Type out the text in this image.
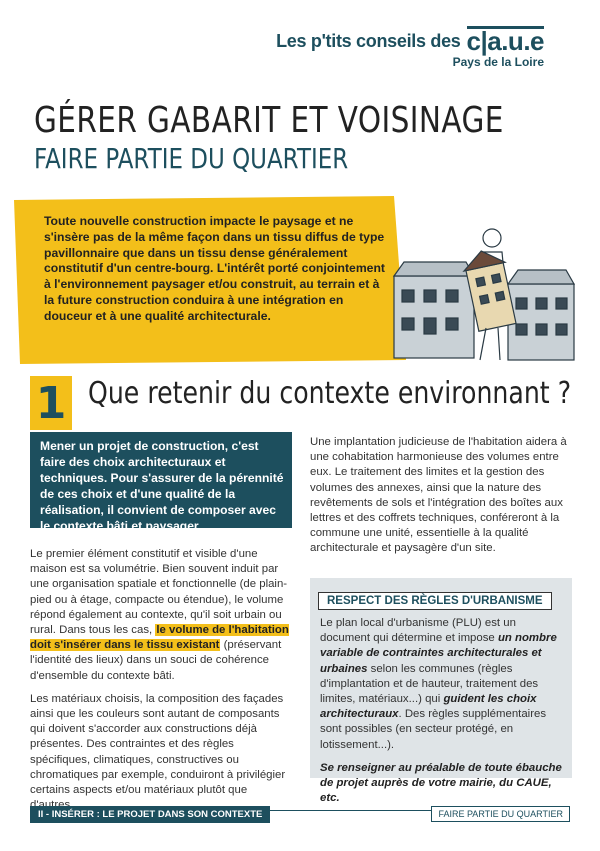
Les p'tits conseils des c|a.u.e
Pays de la Loire
GÉRER GABARIT ET VOISINAGE
FAIRE PARTIE DU QUARTIER
Toute nouvelle construction impacte le paysage et ne s'insère pas de la même façon dans un tissu diffus de type pavillonnaire que dans un tissu dense généralement constitutif d'un centre-bourg. L'intérêt porté conjointement à l'environnement paysager et/ou construit, au terrain et à la future construction conduira à une intégration en douceur et à une qualité architecturale.
1 Que retenir du contexte environnant ?
Mener un projet de construction, c'est faire des choix architecturaux et techniques. Pour s'assurer de la pérennité de ces choix et d'une qualité de la réalisation, il convient de composer avec le contexte bâti et paysager.

Le premier élément constitutif et visible d'une maison est sa volumétrie. Bien souvent induit par une organisation spatiale et fonctionnelle (de plain-pied ou à étage, compacte ou étendue), le volume répond également au contexte, qu'il soit urbain ou rural. Dans tous les cas, le volume de l'habitation doit s'insérer dans le tissu existant (préservant l'identité des lieux) dans un souci de cohérence d'ensemble du contexte bâti.

Les matériaux choisis, la composition des façades ainsi que les couleurs sont autant de composants qui doivent s'accorder aux constructions déjà présentes. Des contraintes et des règles spécifiques, climatiques, constructives ou chromatiques par exemple, conduiront à privilégier certains aspects et/ou matériaux plutôt que

Une implantation judicieuse de l'habitation aidera à une cohabitation harmonieuse des volumes entre eux. Le traitement des limites et la gestion des volumes des annexes, ainsi que la nature des revêtements de sols et l'intégration des boîtes aux lettres et des coffrets techniques, conféreront à la commune une unité, essentielle à la qualité architecturale et paysagère d'un site.

RESPECT DES RÈGLES D'URBANISME

Le plan local d'urbanisme (PLU) est un document qui détermine et impose un nombre variable de contraintes architecturales et urbaines selon les communes (règles d'implantation et de hauteur, traitement des limites, matériaux...) qui guident les choix architecturaux. Des règles supplémentaires sont possibles (en secteur protégé, en lotissement...).

Se renseigner au préalable de toute ébauche de projet auprès de votre mairie, du CAUE, etc.

II - INSÉRER : LE PROJET DANS SON CONTEXTE	FAIRE PARTIE DU QUARTIER
